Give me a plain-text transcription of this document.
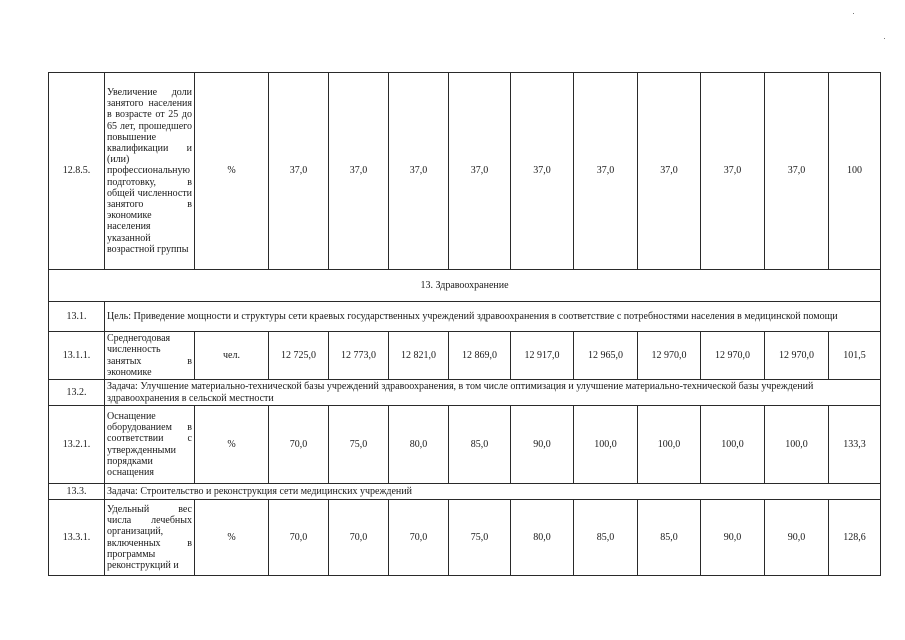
12.8.5.	Увеличение доли занятого населения в возрасте от 25 до 65 лет, прошедшего повышение квалификации и (или) профессиональную подготовку, в общей численности занятого в экономике населения указанной возрастной группы	%	37,0	37,0	37,0	37,0	37,0	37,0	37,0	37,0	37,0	100
13. Здравоохранение												
13.1.	Цель: Приведение мощности и структуры сети краевых государственных учреждений здравоохранения в соответствие с потребностями населения в медицинской помощи											
13.1.1.	Среднегодовая численность занятых в экономике	чел.	12 725,0	12 773,0	12 821,0	12 869,0	12 917,0	12 965,0	12 970,0	12 970,0	12 970,0	101,5
13.2.	Задача: Улучшение материально-технической базы учреждений здравоохранения, в том числе оптимизация и улучшение материально-технической базы учреждений здравоохранения в сельской местности											
13.2.1.	Оснащение оборудованием в соответствии с утвержденными порядками оснащения	%	70,0	75,0	80,0	85,0	90,0	100,0	100,0	100,0	100,0	133,3
13.3.	Задача: Строительство и реконструкция сети медицинских учреждений											
13.3.1.	Удельный вес числа лечебных организаций, включенных в программы реконструкций и	%	70,0	70,0	70,0	75,0	80,0	85,0	85,0	90,0	90,0	128,6
